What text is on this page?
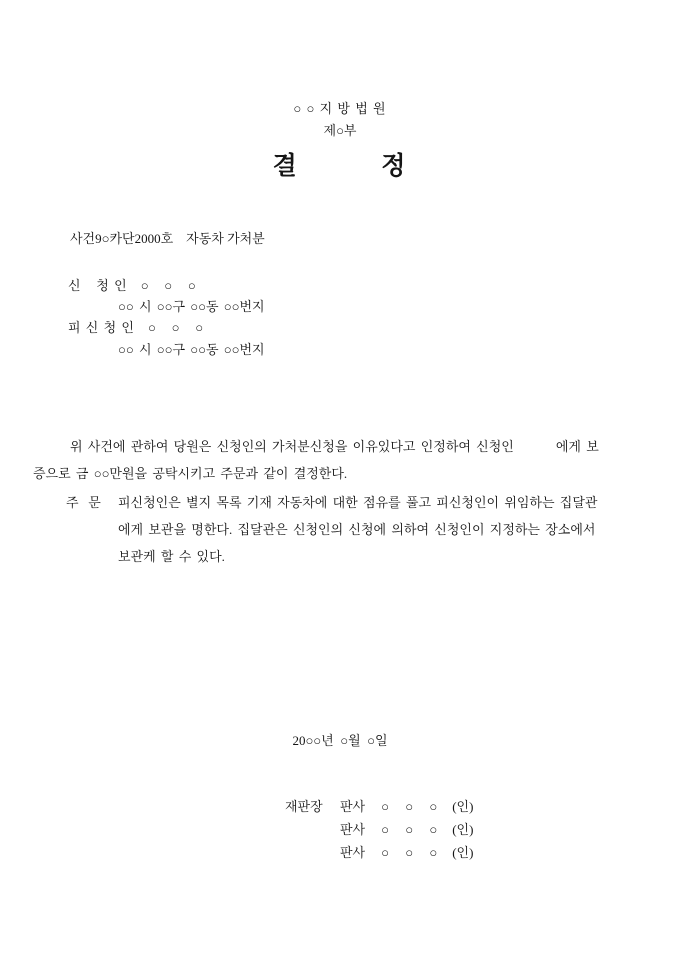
○ ○ 지 방 법 원
제○부
결          정
사건9○카단2000호    자동차 가처분
신   청 인 ○   ○   ○
○○ 시 ○○구 ○○동 ○○번지
피 신 청 인 ○   ○   ○
○○ 시 ○○구 ○○동 ○○번지
위 사건에 관하여 당원은 신청인의 가처분신청을 이유있다고 인정하여 신청인        에게 보
증으로 금 ○○만원을 공탁시키고 주문과 같이 결정한다.
주   문 피신청인은 별지 목록 기재 자동차에 대한 점유를 풀고 피신청인이 위임하는 집달관
에게 보관을 명한다. 집달관은 신청인의 신청에 의하여 신청인이 지정하는 장소에서
보관케 할 수 있다.
20○○년  ○월  ○일
재판장 판사 ○     ○     ○ (인)
판사 ○     ○     ○ (인)
판사 ○     ○     ○ (인)
